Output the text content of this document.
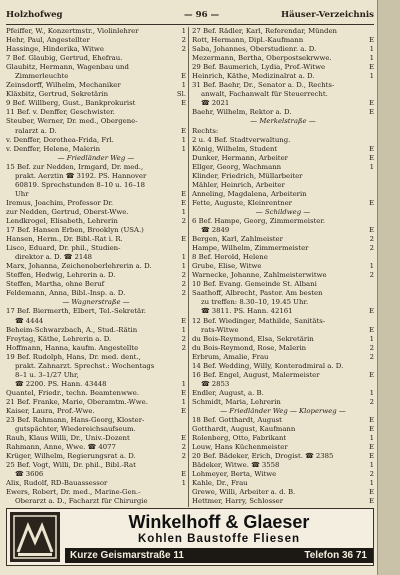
Holzhofweg	— 96 —	Häuser-Verzeichnis
Pfeiffer, W., Konzertmstr., Violinlehrer	1
Hehr, Paul, Angestellter	2
Hassinge, Hinderika, Witwe	2
7 Bef. Glaubig, Gertrud, Ehefrau.
Glaubitz, Hermann, Wagenbau und
Zimmerleuchte	E
Zeinsdorff, Wilhelm, Mechaniker	1
Kläxbitz, Gertrud, Sekretärin	Sl.
9 Bef. Willberg, Gust., Bankprokurist	E
11 Bef. v. Denffer, Geschwister.
Steuber, Werner, Dr. med., Obergene-
ralarzt a. D.	E
v. Denffer, Dorothea-Frida, Frl.	1
v. Denffer, Helene, Malerin	1
— Friedländer Weg —
15 Bef. zur Nedden, Irmgard, Dr. med.,
prakt. Aerztin ☎ 3192. PS. Hannover
60819. Sprechstunden 8–10 u. 16–18
Uhr	E
Iremus, Joachim, Professor Dr.	E
zur Nedden, Gertrud, Oberst-Wwe.	1
Lendkrogel, Elisabeth, Lehrerin	2
17 Bef. Hansen Erben, Brooklyn (USA.)
Hansen, Herm., Dr. Bibl.-Rat i. R.	E
Lisco, Eduard, Dr. phil., Studien-
direktor a. D. ☎ 2148	1
Marx, Johanna, Zeichenoberlehrerin a. D.	1
Steffen, Hedwig, Lehrerin a. D.	2
Steffen, Martha, ohne Beruf	2
Feldemann, Anna, Bibl.-Insp. a. D.	2
— Wagnerstraße —
17 Bef. Biermerth, Elbert, Tel.-Sekretär.
☎ 4444	E
Beheim-Schwarzbach, A., Stud.-Rätin	1
Freytag, Käthe, Lehrerin a. D.	2
Hoffmann, Hanna, kaufm. Angestellte	2
19 Bef. Rudolph, Hans, Dr. med. dent.,
prakt. Zahnarzt. Sprechst.: Wochentags
8–1 u. 3–1/27 Uhr,
☎ 2200. PS. Hann. 43448	1
Quantel, Friedr., techn. Beamtenwwe.	E
21 Bef. Franke, Marie, Oberamtm.-Wwe.	1
Kaiser, Laura, Prof.-Wwe.	E
23 Bef. Rahmann, Hans-Georg, Kloster-
gutspächter, Wiedereichsaufseum.
Rauh, Klaus Willi, Dr., Univ.-Dozent	E
Rahmann, Anne, Wwe. ☎ 4077	2
Krüger, Wilhelm, Regierungsrat a. D.	2
25 Bef. Vogt, Willi, Dr. phil., Bibl.-Rat
☎ 3606	E
Alix, Rudolf, RD-Bauassessor	1
Ewers, Robert, Dr. med., Marine-Gen.-
Oberarzt a. D., Facharzt für Chirurgie
27 Bef. Rädler, Karl, Referendar, Münden
Rott, Hermann, Dipl.-Kaufmann	E
Saba, Johannes, Oberstudienr. a. D.	1
Mezermann, Bertha, Oberpostsekrwwe.	1
29 Bef. Baumerich, Lydia, Prof.-Witwe	E
Heinrich, Käthe, Medizinalrat a. D.	1
31 Bef. Baehr, Dr., Senator a. D., Rechts-
anwalt, Fachanwalt für Steuerrecht.
☎ 2021	E
Baehr, Wilhelm, Rektor a. D.	E
— Merkelstraße —
Rechts:
2 u. 4 Bef. Stadtverwaltung.
König, Wilhelm, Student	E
Dunker, Hermann, Arbeiter	E
Ellger, Georg, Wachmann	1
Klinder, Friedrich, Müllarbeiter
Mähler, Heinrich, Arbeiter
Anneling, Magdalena, Arbeiterin
Fette, Auguste, Kleinrentner	E
— Schildweg —
6 Bef. Hampe, Georg, Zimmermeister.
☎ 2849	E
Bergen, Karl, Zahlmeister	2
Hampe, Wilhelm, Zimmermeister	2
8 Bef. Herold, Helene
Grube, Elise, Witwe	1
Warnecke, Johanne, Zahlmeisterwitwe	2
10 Bef. Evang. Gemeinde St. Albani
Saathoff, Albrecht, Pastor. Am besten
zu treffen: 8.30–10, 19.45 Uhr.
☎ 3811. PS. Hann. 42161	E
12 Bef. Wiedinger, Mathilde, Sanitäts-
rats-Witwe	E
du Bois-Reymond, Elsa, Sekretärin	1
du Bois-Reymond, Rose, Malerin	2
Erbrum, Amalie, Frau	2
14 Bef. Wedding, Willy, Konteradmiral a. D.
16 Bef. Engel, August, Malermeister	E
☎ 2853
Endler, August, a. B.	1
Schmidt, Maria, Lehrerin	2
— Friedländer Weg — Kloperweg —
18 Bef. Gotthardt, August	E
Gotthardt, August, Kaufmann	E
Rolenberg, Otto, Fabrikant	1
Louw, Hans Küchenmeister	E
20 Bef. Bädeker, Erich, Drogist. ☎ 2385	E
Bädeker, Witwe. ☎ 3558	1
Lohmeyer, Berta, Witwe	2
Kahle, Dr., Frau	1
Grewe, Willi, Arbeiter a. d. B.	E
Hettmer, Harry, Schlosser	E
Winkelhoff & Glaeser
Kohlen Baustoffe Fliesen
Kurze Geismarstraße 11	Telefon 36 71
